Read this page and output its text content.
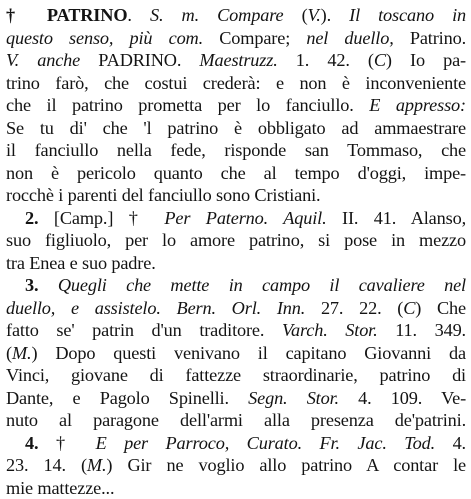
† PATRINO. S. m. Compare (V.). Il toscano in
questo senso, più com. Compare; nel duello, Patrino.
V. anche PADRINO. Maestruzz. 1. 42. (C) Io pa-
trino farò, che costui crederà: e non è inconveniente
che il patrino prometta per lo fanciullo. E appresso:
Se tu di' che 'l patrino è obbligato ad ammaestrare
il fanciullo nella fede, risponde san Tommaso, che
non è pericolo quanto che al tempo d'oggi, impe-
rocchè i parenti del fanciullo sono Cristiani.
2. [Camp.] † Per Paterno. Aquil. II. 41. Alanso,
suo figliuolo, per lo amore patrino, si pose in mezzo
tra Enea e suo padre.
3. Quegli che mette in campo il cavaliere nel
duello, e assistelo. Bern. Orl. Inn. 27. 22. (C) Che
fatto se' patrin d'un traditore. Varch. Stor. 11. 349.
(M.) Dopo questi venivano il capitano Giovanni da
Vinci, giovane di fattezze straordinarie, patrino di
Dante, e Pagolo Spinelli. Segn. Stor. 4. 109. Ve-
nuto al paragone dell'armi alla presenza de'patrini.
4. † E per Parroco, Curato. Fr. Jac. Tod. 4.
23. 14. (M.) Gir ne voglio allo patrino A contar le
mie mattezze...
